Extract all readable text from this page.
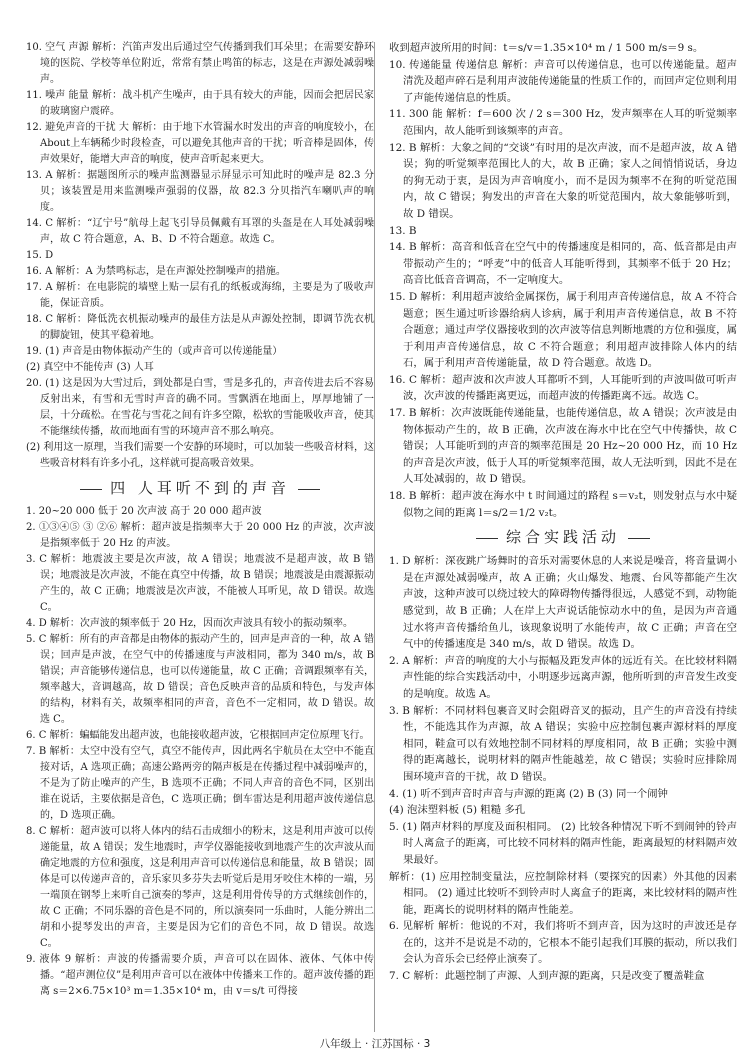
10. 空气 声源 解析：汽笛声发出后通过空气传播到我们耳朵里；在需要安静环境的医院、学校等单位附近，常常有禁止鸣笛的标志，这是在声源处减弱噪声。

11. 噪声 能量 解析：战斗机产生噪声，由于具有较大的声能，因而会把居民家的玻璃窗户震碎。

12. 避免声音的干扰 大 解析：由于地下水管漏水时发出的声音的响度较小，在About上车辆稀少时段检查，可以避免其他声音的干扰；听音棒是固体，传声效果好，能增大声音的响度，使声音听起来更大。

13. A 解析：据题图所示的噪声监测器显示屏显示可知此时的噪声是 82.3 分贝；该装置是用来监测噪声强弱的仪器，故 82.3 分贝指汽车喇叭声的响度。

14. C 解析：“辽宁号”航母上起飞引导员佩戴有耳罩的头盔是在人耳处减弱噪声，故 C 符合题意，A、B、D 不符合题意。故选 C。

15. D

16. A 解析：A 为禁鸣标志，是在声源处控制噪声的措施。

17. A 解析：在电影院的墙壁上贴一层有孔的纸板或海绵，主要是为了吸收声能，保证音质。

18. C 解析：降低洗衣机振动噪声的最佳方法是从声源处控制，即调节洗衣机的脚旋钮，使其平稳着地。

19. (1) 声音是由物体振动产生的（或声音可以传递能量）

(2) 真空中不能传声 (3) 人耳

20. (1) 这是因为大雪过后，到处都是白雪，雪是多孔的，声音传进去后不容易反射出来，有雪和无雪时声音的确不同。雪飘洒在地面上，厚厚地铺了一层，十分疏松。在雪花与雪花之间有许多空隙，松软的雪能吸收声音，使其不能继续传播，故而地面有雪的环境声音不那么响亮。

(2) 利用这一原理，当我们需要一个安静的环境时，可以加装一些吸音材料，这些吸音材料有许多小孔，这样就可提高吸音效果。

四 人耳听不到的声音

1. 20~20 000 低于 20 次声波 高于 20 000 超声波

2. ①③④⑤ ③ ②⑥ 解析：超声波是指频率大于 20 000 Hz 的声波，次声波是指频率低于 20 Hz 的声波。

3. C 解析：地震波主要是次声波，故 A 错误；地震波不是超声波，故 B 错误；地震波是次声波，不能在真空中传播，故 B 错误；地震波是由震源振动产生的，故 C 正确；地震波是次声波，不能被人耳听见，故 D 错误。故选 C。

4. D 解析：次声波的频率低于 20 Hz，因而次声波具有较小的振动频率。

5. C 解析：所有的声音都是由物体的振动产生的，回声是声音的一种，故 A 错误；回声是声波，在空气中的传播速度与声波相同，都为 340 m/s，故 B 错误；声音能够传递信息，也可以传递能量，故 C 正确；音调跟频率有关，频率越大，音调越高，故 D 错误；音色反映声音的品质和特色，与发声体的结构，材料有关，故频率相同的声音，音色不一定相同，故 D 错误。故选 C。

6. C 解析：蝙蝠能发出超声波，也能接收超声波，它根据回声定位原理飞行。

7. B 解析：太空中没有空气，真空不能传声，因此两名宇航员在太空中不能直接对话，A 选项正确；高速公路两旁的隔声板是在传播过程中减弱噪声的，不是为了防止噪声的产生，B 选项不正确；不同人声音的音色不同，区别出谁在说话，主要依据是音色，C 选项正确；倒车雷达是利用超声波传递信息的，D 选项正确。

8. C 解析：超声波可以将人体内的结石击成细小的粉末，这是利用声波可以传递能量，故 A 错误；发生地震时，声学仪器能接收到地震产生的次声波从而确定地震的方位和强度，这是利用声音可以传递信息和能量，故 B 错误；固体是可以传递声音的，音乐家贝多芬失去听觉后是用牙咬住木棒的一端，另一端顶在钢琴上来听自己演奏的琴声，这是利用骨传导的方式继续创作的，故 C 正确；不同乐器的音色是不同的，所以演奏同一乐曲时，人能分辨出二胡和小提琴发出的声音，主要是因为它们的音色不同，故 D 错误。故选 C。

9. 液体 9 解析：声波的传播需要介质，声音可以在固体、液体、气体中传播。“超声测位仪”是利用声音可以在液体中传播来工作的。超声波传播的距离 s＝2×6.75×10³ m＝1.35×10⁴ m，由 v＝s/t 可得接

收到超声波所用的时间：t＝s/v＝1.35×10⁴ m / 1 500 m/s＝9 s。

10. 传递能量 传递信息 解析：声音可以传递信息，也可以传递能量。超声清洗及超声碎石是利用声波能传递能量的性质工作的，而回声定位则利用了声能传递信息的性质。

11. 300 能 解析：f＝600 次 / 2 s＝300 Hz，发声频率在人耳的听觉频率范围内，故人能听到该频率的声音。

12. B 解析：大象之间的“交谈”有时用的是次声波，而不是超声波，故 A 错误；狗的听觉频率范围比人的大，故 B 正确；家人之间悄悄说话，身边的狗无动于衷，是因为声音响度小，而不是因为频率不在狗的听觉范围内，故 C 错误；狗发出的声音在大象的听觉范围内，故大象能够听到，故 D 错误。

13. B

14. B 解析：高音和低音在空气中的传播速度是相同的，高、低音都是由声带振动产生的；“呼麦”中的低音人耳能听得到，其频率不低于 20 Hz；高音比低音音调高，不一定响度大。

15. D 解析：利用超声波给金属探伤，属于利用声音传递信息，故 A 不符合题意；医生通过听诊器给病人诊病，属于利用声音传递信息，故 B 不符合题意；通过声学仪器接收到的次声波等信息判断地震的方位和强度，属于利用声音传递信息，故 C 不符合题意；利用超声波排除人体内的结石，属于利用声音传递能量，故 D 符合题意。故选 D。

16. C 解析：超声波和次声波人耳都听不到，人耳能听到的声波叫做可听声波，次声波的传播距离更远，而超声波的传播距离不远。故选 C。

17. B 解析：次声波既能传递能量，也能传递信息，故 A 错误；次声波是由物体振动产生的，故 B 正确，次声波在海水中比在空气中传播快，故 C 错误；人耳能听到的声音的频率范围是 20 Hz~20 000 Hz，而 10 Hz 的声音是次声波，低于人耳的听觉频率范围，故人无法听到，因此不是在人耳处减弱的，故 D 错误。

18. B 解析：超声波在海水中 t 时间通过的路程 s＝v₂t，则发射点与水中疑似物之间的距离 l＝s/2＝1/2 v₂t。

综合实践活动

1. D 解析：深夜跳广场舞时的音乐对需要休息的人来说是噪音，将音量调小是在声源处减弱噪声，故 A 正确；火山爆发、地震、台风等都能产生次声波，这种声波可以绕过较大的障碍物传播得很远，人感觉不到，动物能感觉到，故 B 正确；人在岸上大声说话能惊动水中的鱼，是因为声音通过水将声音传播给鱼儿，该现象说明了水能传声，故 C 正确；声音在空气中的传播速度是 340 m/s，故 D 错误。故选 D。

2. A 解析：声音的响度的大小与振幅及距发声体的远近有关。在比较材料隔声性能的综合实践活动中，小明逐步远离声源，他所听到的声音发生改变的是响度。故选 A。

3. B 解析：不同材料包裹音叉时会阻碍音叉的振动，且产生的声音没有持续性，不能选其作为声源，故 A 错误；实验中应控制包裹声源材料的厚度相同，鞋盒可以有效地控制不同材料的厚度相同，故 B 正确；实验中测得的距离越长，说明材料的隔声性能越差，故 C 错误；实验时应排除周围环境声音的干扰，故 D 错误。

4. (1) 听不到声音时声音与声源的距离 (2) B (3) 同一个闹钟

(4) 泡沫塑料板 (5) 粗糙 多孔

5. (1) 隔声材料的厚度及面积相同。 (2) 比较各种情况下听不到闹钟的铃声时人离盒子的距离，可比较不同材料的隔声性能，距离最短的材料隔声效果最好。

解析：(1) 应用控制变量法，应控制除材料（要探究的因素）外其他的因素相同。 (2) 通过比较听不到铃声时人离盒子的距离，来比较材料的隔声性能，距离长的说明材料的隔声性能差。

6. 见解析 解析：他说的不对，我们将听不到声音，因为这时的声波还是存在的，这并不是说是不动的，它根本不能引起我们耳膜的振动，所以我们会认为音乐会已经停止演奏了。

7. C 解析：此题控制了声源、人到声源的距离，只是改变了覆盖鞋盒

八年级上 · 江苏国标 · 3
